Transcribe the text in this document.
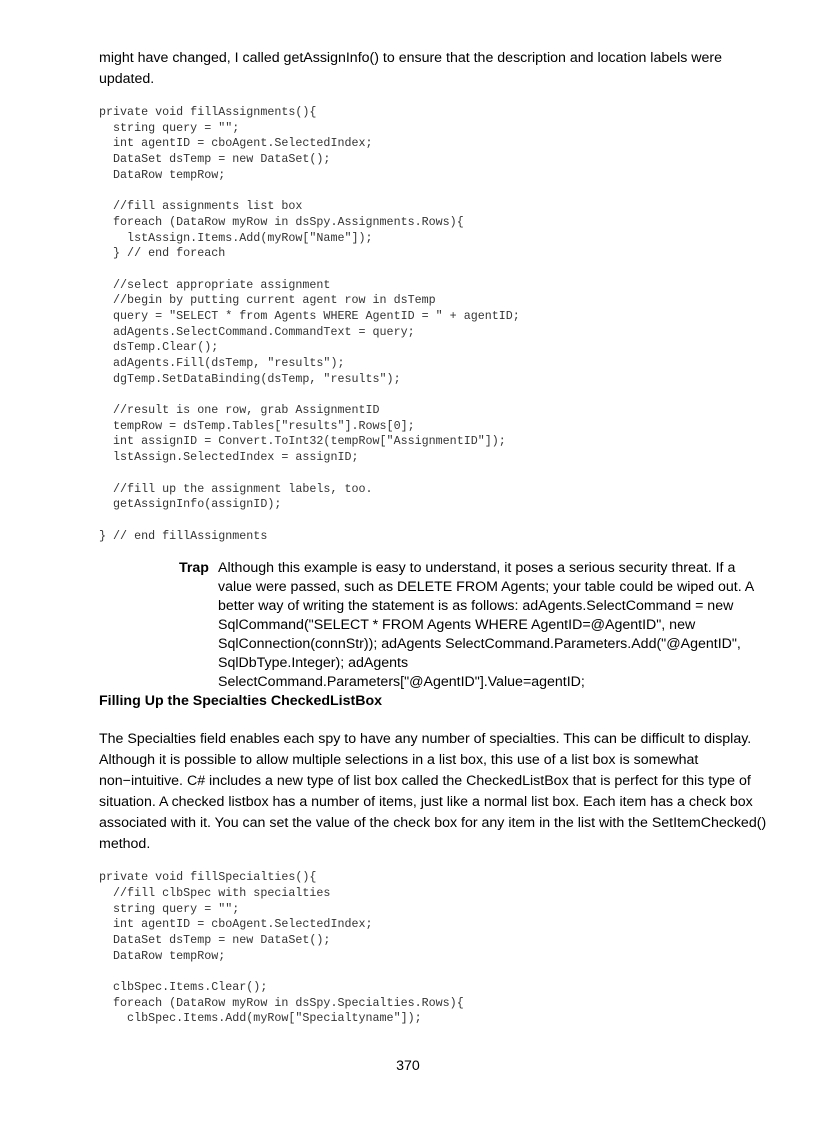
might have changed, I called getAssignInfo() to ensure that the description and location labels were updated.

private void fillAssignments(){
string query = "";
int agentID = cboAgent.SelectedIndex;
DataSet dsTemp = new DataSet();
DataRow tempRow;
//fill assignments list box
foreach (DataRow myRow in dsSpy.Assignments.Rows){
lstAssign.Items.Add(myRow["Name"]);
} // end foreach
//select appropriate assignment
//begin by putting current agent row in dsTemp
query = "SELECT * from Agents WHERE AgentID = " + agentID;
adAgents.SelectCommand.CommandText = query;
dsTemp.Clear();
adAgents.Fill(dsTemp, "results");
dgTemp.SetDataBinding(dsTemp, "results");
//result is one row, grab AssignmentID
tempRow = dsTemp.Tables["results"].Rows[0];
int assignID = Convert.ToInt32(tempRow["AssignmentID"]);
lstAssign.SelectedIndex = assignID;
//fill up the assignment labels, too.
getAssignInfo(assignID);
} // end fillAssignments
Trap Although this example is easy to understand, it poses a serious security threat. If a value were passed, such as DELETE FROM Agents; your table could be wiped out. A better way of writing the statement is as follows: adAgents.SelectCommand = new SqlCommand("SELECT * FROM Agents WHERE AgentID=@AgentID", new SqlConnection(connStr)); adAgents SelectCommand.Parameters.Add("@AgentID", SqlDbType.Integer); adAgents SelectCommand.Parameters["@AgentID"].Value=agentID;
Filling Up the Specialties CheckedListBox

The Specialties field enables each spy to have any number of specialties. This can be difficult to display. Although it is possible to allow multiple selections in a list box, this use of a list box is somewhat non−intuitive. C# includes a new type of list box called the CheckedListBox that is perfect for this type of situation. A checked listbox has a number of items, just like a normal list box. Each item has a check box associated with it. You can set the value of the check box for any item in the list with the SetItemChecked() method.

private void fillSpecialties(){
//fill clbSpec with specialties
string query = "";
int agentID = cboAgent.SelectedIndex;
DataSet dsTemp = new DataSet();
DataRow tempRow;
clbSpec.Items.Clear();
foreach (DataRow myRow in dsSpy.Specialties.Rows){
clbSpec.Items.Add(myRow["Specialtyname"]);
370
